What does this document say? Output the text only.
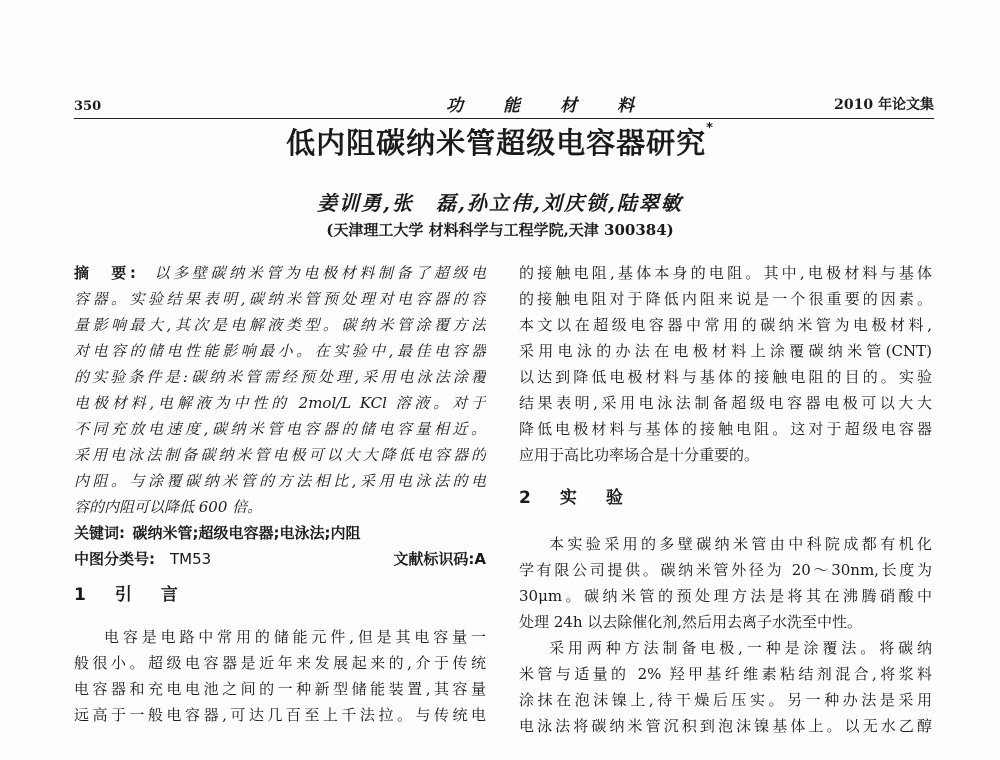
350	功能材料	2010 年论文集
低内阻碳纳米管超级电容器研究*
姜训勇,张　磊,孙立伟,刘庆锁,陆翠敏
(天津理工大学 材料科学与工程学院,天津 300384)
摘　要:  以多壁碳纳米管为电极材料制备了超级电
容器。实验结果表明,碳纳米管预处理对电容器的容
量影响最大,其次是电解液类型。碳纳米管涂覆方法
对电容的储电性能影响最小。在实验中,最佳电容器
的实验条件是:碳纳米管需经预处理,采用电泳法涂覆
电极材料,电解液为中性的 2mol/L KCl 溶液。对于
不同充放电速度,碳纳米管电容器的储电容量相近。
采用电泳法制备碳纳米管电极可以大大降低电容器的
内阻。与涂覆碳纳米管的方法相比,采用电泳法的电
容的内阻可以降低 600 倍。
关键词:  碳纳米管;超级电容器;电泳法;内阻
中图分类号:  TM53	文献标识码:A
1　引　言
电容是电路中常用的储能元件,但是其电容量一
般很小。超级电容器是近年来发展起来的,介于传统
电容器和充电电池之间的一种新型储能装置,其容量
远高于一般电容器,可达几百至上千法拉。与传统电
的接触电阻,基体本身的电阻。其中,电极材料与基体
的接触电阻对于降低内阻来说是一个很重要的因素。
本文以在超级电容器中常用的碳纳米管为电极材料,
采用电泳的办法在电极材料上涂覆碳纳米管(CNT)
以达到降低电极材料与基体的接触电阻的目的。实验
结果表明,采用电泳法制备超级电容器电极可以大大
降低电极材料与基体的接触电阻。这对于超级电容器
应用于高比功率场合是十分重要的。
2　实　验
本实验采用的多壁碳纳米管由中科院成都有机化
学有限公司提供。碳纳米管外径为 20～30nm,长度为
30μm。碳纳米管的预处理方法是将其在沸腾硝酸中
处理 24h 以去除催化剂,然后用去离子水洗至中性。
采用两种方法制备电极,一种是涂覆法。将碳纳
米管与适量的 2% 羟甲基纤维素粘结剂混合,将浆料
涂抹在泡沫镍上,待干燥后压实。另一种办法是采用
电泳法将碳纳米管沉积到泡沫镍基体上。以无水乙醇
